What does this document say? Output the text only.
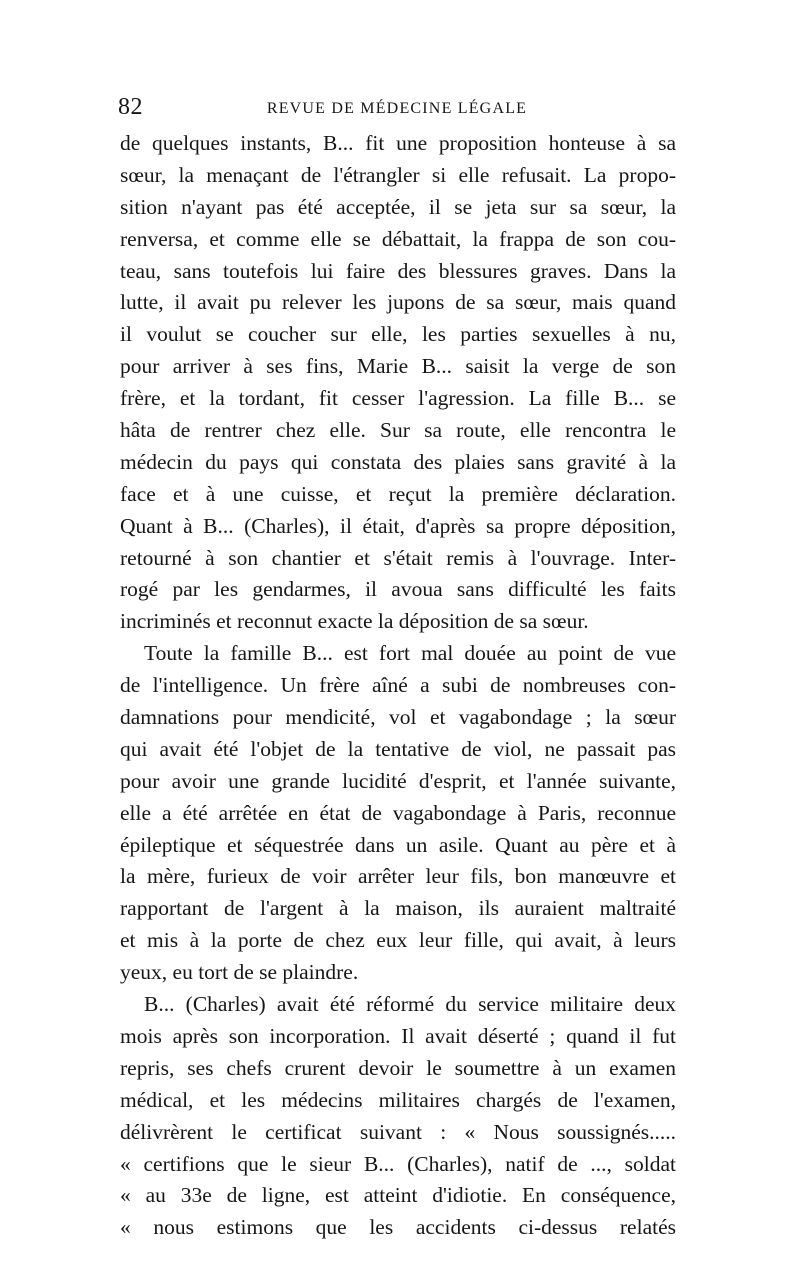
82	REVUE DE MÉDECINE LÉGALE
de quelques instants, B... fit une proposition honteuse à sa
sœur, la menaçant de l'étrangler si elle refusait. La propo-
sition n'ayant pas été acceptée, il se jeta sur sa sœur, la
renversa, et comme elle se débattait, la frappa de son cou-
teau, sans toutefois lui faire des blessures graves. Dans la
lutte, il avait pu relever les jupons de sa sœur, mais quand
il voulut se coucher sur elle, les parties sexuelles à nu,
pour arriver à ses fins, Marie B... saisit la verge de son
frère, et la tordant, fit cesser l'agression. La fille B... se
hâta de rentrer chez elle. Sur sa route, elle rencontra le
médecin du pays qui constata des plaies sans gravité à la
face et à une cuisse, et reçut la première déclaration.
Quant à B... (Charles), il était, d'après sa propre déposition,
retourné à son chantier et s'était remis à l'ouvrage. Inter-
rogé par les gendarmes, il avoua sans difficulté les faits
incriminés et reconnut exacte la déposition de sa sœur.
Toute la famille B... est fort mal douée au point de vue
de l'intelligence. Un frère aîné a subi de nombreuses con-
damnations pour mendicité, vol et vagabondage ; la sœur
qui avait été l'objet de la tentative de viol, ne passait pas
pour avoir une grande lucidité d'esprit, et l'année suivante,
elle a été arrêtée en état de vagabondage à Paris, reconnue
épileptique et séquestrée dans un asile. Quant au père et à
la mère, furieux de voir arrêter leur fils, bon manœuvre et
rapportant de l'argent à la maison, ils auraient maltraité
et mis à la porte de chez eux leur fille, qui avait, à leurs
yeux, eu tort de se plaindre.
B... (Charles) avait été réformé du service militaire deux
mois après son incorporation. Il avait déserté ; quand il fut
repris, ses chefs crurent devoir le soumettre à un examen
médical, et les médecins militaires chargés de l'examen,
délivrèrent le certificat suivant : « Nous soussignés.....
« certifions que le sieur B... (Charles), natif de ..., soldat
« au 33e de ligne, est atteint d'idiotie. En conséquence,
« nous estimons que les accidents ci-dessus relatés
